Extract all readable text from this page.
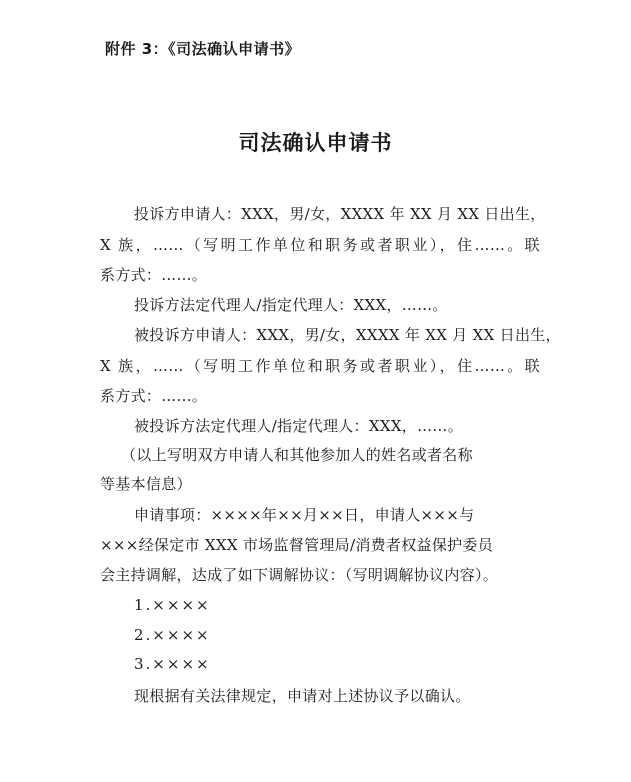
附件 3：《司法确认申请书》
司法确认申请书
投诉方申请人：XXX，男/女，XXXX 年 XX 月 XX 日出生，
X 族，……（写明工作单位和职务或者职业），住……。联
系方式：……。
投诉方法定代理人/指定代理人：XXX，……。
被投诉方申请人：XXX，男/女，XXXX 年 XX 月 XX 日出生，
X 族，……（写明工作单位和职务或者职业），住……。联
系方式：……。
被投诉方法定代理人/指定代理人：XXX，……。
（以上写明双方申请人和其他参加人的姓名或者名称
等基本信息）
申请事项：××××年××月××日，申请人×××与
×××经保定市 XXX 市场监督管理局/消费者权益保护委员
会主持调解，达成了如下调解协议：（写明调解协议内容）。
1.××××
2.××××
3.××××
现根据有关法律规定，申请对上述协议予以确认。
